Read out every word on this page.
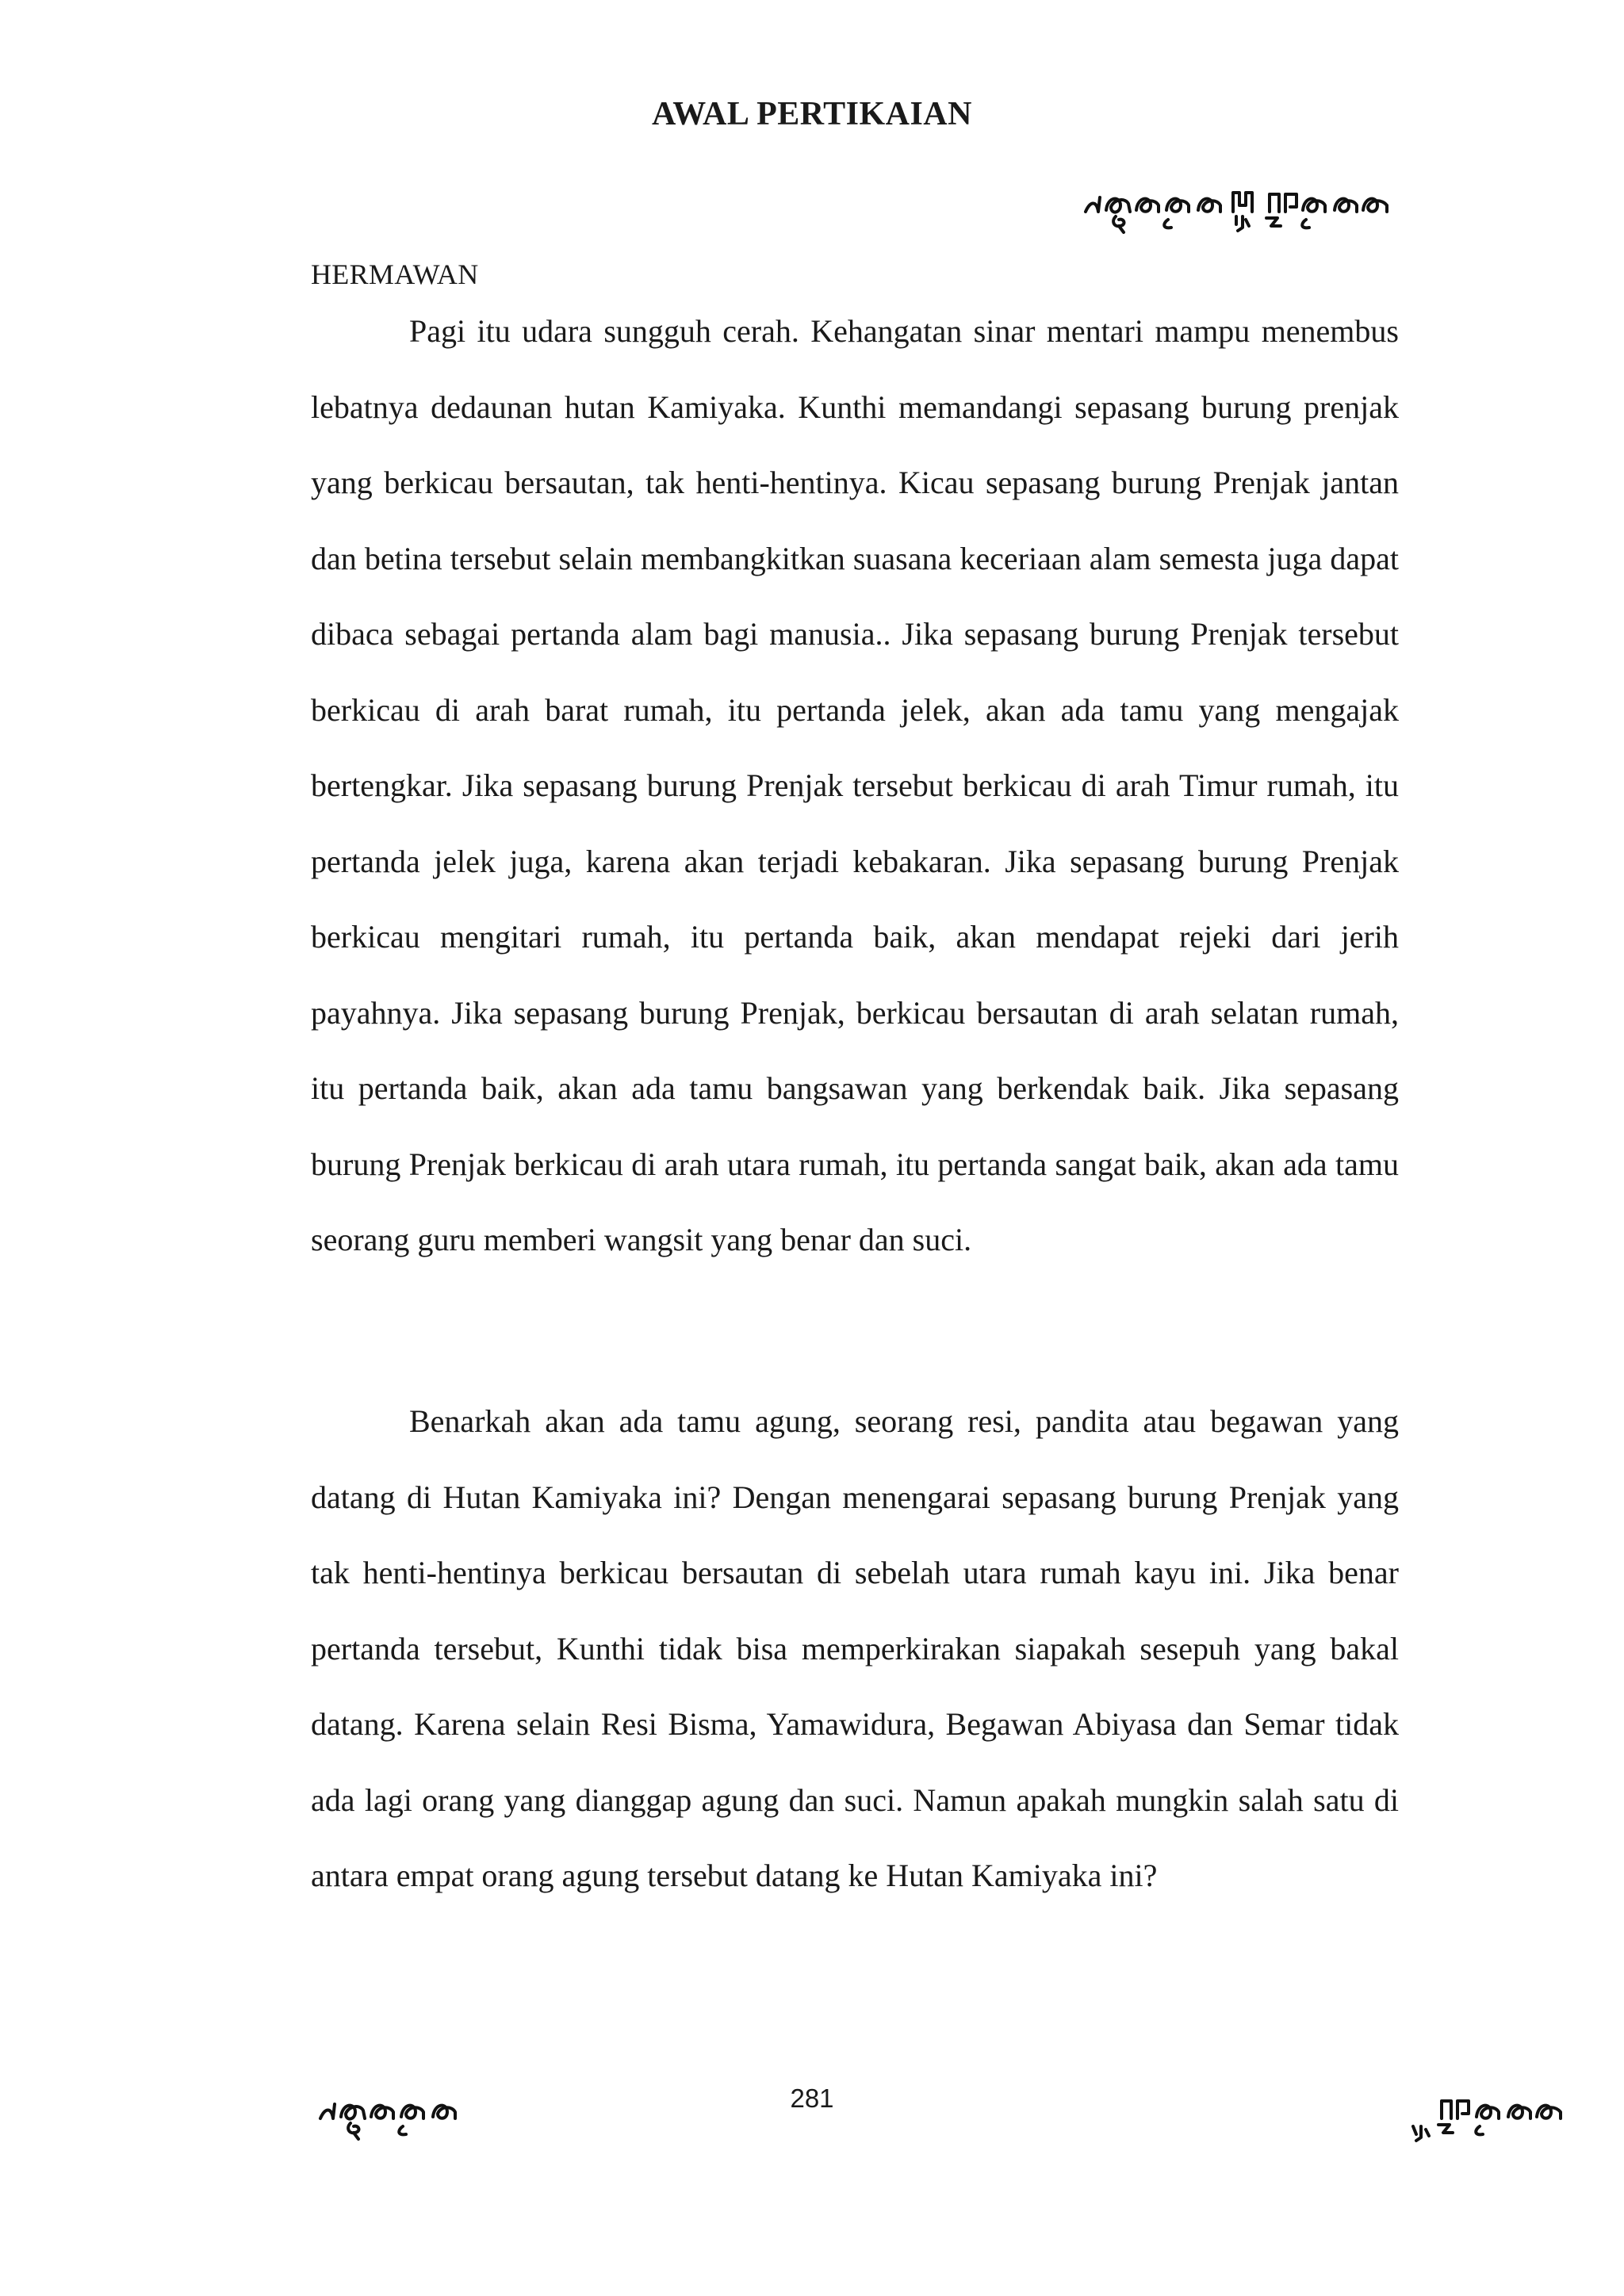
AWAL PERTIKAIAN
HERMAWAN

Pagi itu udara sungguh cerah. Kehangatan sinar mentari mampu menembus lebatnya dedaunan hutan Kamiyaka. Kunthi memandangi sepasang burung prenjak yang berkicau bersautan, tak henti-hentinya. Kicau sepasang burung Prenjak jantan dan betina tersebut selain membangkitkan suasana keceriaan alam semesta juga dapat dibaca sebagai pertanda alam bagi manusia.. Jika sepasang burung Prenjak tersebut berkicau di arah barat rumah, itu pertanda jelek, akan ada tamu yang mengajak bertengkar. Jika sepasang burung Prenjak tersebut berkicau di arah Timur rumah, itu pertanda jelek juga, karena akan terjadi kebakaran. Jika sepasang burung Prenjak berkicau mengitari rumah, itu pertanda baik, akan mendapat rejeki dari jerih payahnya. Jika sepasang burung Prenjak, berkicau bersautan di arah selatan rumah, itu pertanda baik, akan ada tamu bangsawan yang berkendak baik. Jika sepasang burung Prenjak berkicau di arah utara rumah, itu pertanda sangat baik, akan ada tamu seorang guru memberi wangsit yang benar dan suci.

Benarkah akan ada tamu agung, seorang resi, pandita atau begawan yang datang di Hutan Kamiyaka ini? Dengan menengarai sepasang burung Prenjak yang tak henti-hentinya berkicau bersautan di sebelah utara rumah kayu ini. Jika benar pertanda tersebut, Kunthi tidak bisa memperkirakan siapakah sesepuh yang bakal datang. Karena selain Resi Bisma, Yamawidura, Begawan Abiyasa dan Semar tidak ada lagi orang yang dianggap agung dan suci. Namun apakah mungkin salah satu di antara empat orang agung tersebut datang ke Hutan Kamiyaka ini?

281
